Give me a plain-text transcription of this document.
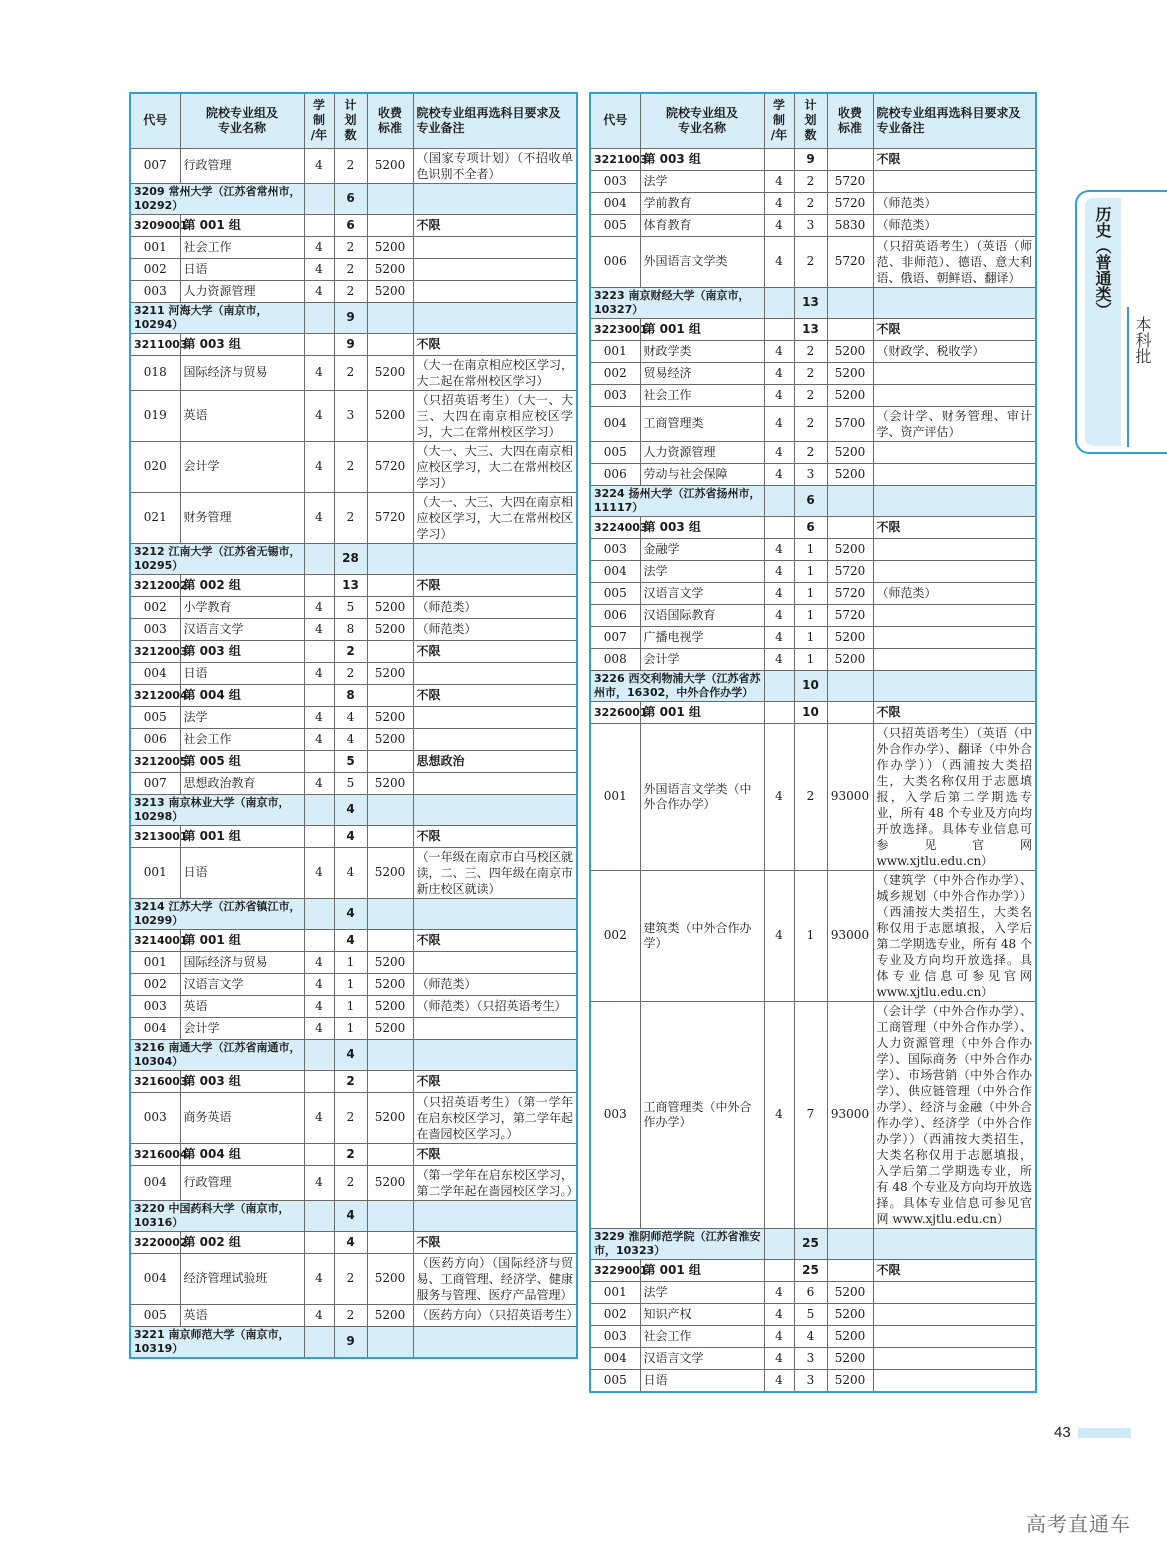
代号	院校专业组及
专业名称	学
制
/年	计
划
数	收费
标准	院校专业组再选科目要求及
专业备注
007	行政管理	4	2	5200	（国家专项计划）（不招收单色识别不全者）
3209 常州大学（江苏省常州市，10292）			6		
3209001	第 001 组		6		不限
001	社会工作	4	2	5200	
002	日语	4	2	5200	
003	人力资源管理	4	2	5200	
3211 河海大学（南京市，10294）			9		
3211003	第 003 组		9		不限
018	国际经济与贸易	4	2	5200	（大一在南京相应校区学习，大二起在常州校区学习）
019	英语	4	3	5200	（只招英语考生）（大一、大三、大四在南京相应校区学习，大二在常州校区学习）
020	会计学	4	2	5720	（大一、大三、大四在南京相应校区学习，大二在常州校区学习）
021	财务管理	4	2	5720	（大一、大三、大四在南京相应校区学习，大二在常州校区学习）
3212 江南大学（江苏省无锡市，10295）			28		
3212002	第 002 组		13		不限
002	小学教育	4	5	5200	（师范类）
003	汉语言文学	4	8	5200	（师范类）
3212003	第 003 组		2		不限
004	日语	4	2	5200	
3212004	第 004 组		8		不限
005	法学	4	4	5200	
006	社会工作	4	4	5200	
3212005	第 005 组		5		思想政治
007	思想政治教育	4	5	5200	
3213 南京林业大学（南京市，10298）			4		
3213001	第 001 组		4		不限
001	日语	4	4	5200	（一年级在南京市白马校区就读，二、三、四年级在南京市新庄校区就读）
3214 江苏大学（江苏省镇江市，10299）			4		
3214001	第 001 组		4		不限
001	国际经济与贸易	4	1	5200	
002	汉语言文学	4	1	5200	（师范类）
003	英语	4	1	5200	（师范类）（只招英语考生）
004	会计学	4	1	5200	
3216 南通大学（江苏省南通市，10304）			4		
3216003	第 003 组		2		不限
003	商务英语	4	2	5200	（只招英语考生）（第一学年在启东校区学习，第二学年起在啬园校区学习。）
3216004	第 004 组		2		不限
004	行政管理	4	2	5200	（第一学年在启东校区学习，第二学年起在啬园校区学习。）
3220 中国药科大学（南京市，10316）			4		
3220002	第 002 组		4		不限
004	经济管理试验班	4	2	5200	（医药方向）（国际经济与贸易、工商管理、经济学、健康服务与管理、医疗产品管理）
005	英语	4	2	5200	（医药方向）（只招英语考生）
3221 南京师范大学（南京市，10319）			9		
代号	院校专业组及
专业名称	学
制
/年	计
划
数	收费
标准	院校专业组再选科目要求及
专业备注
3221003	第 003 组		9		不限
003	法学	4	2	5720	
004	学前教育	4	2	5720	（师范类）
005	体育教育	4	3	5830	（师范类）
006	外国语言文学类	4	2	5720	（只招英语考生）（英语（师范、非师范）、德语、意大利语、俄语、朝鲜语、翻译）
3223 南京财经大学（南京市，10327）			13		
3223001	第 001 组		13		不限
001	财政学类	4	2	5200	（财政学、税收学）
002	贸易经济	4	2	5200	
003	社会工作	4	2	5200	
004	工商管理类	4	2	5700	（会计学、财务管理、审计学、资产评估）
005	人力资源管理	4	2	5200	
006	劳动与社会保障	4	3	5200	
3224 扬州大学（江苏省扬州市，11117）			6		
3224003	第 003 组		6		不限
003	金融学	4	1	5200	
004	法学	4	1	5720	
005	汉语言文学	4	1	5720	（师范类）
006	汉语国际教育	4	1	5720	
007	广播电视学	4	1	5200	
008	会计学	4	1	5200	
3226 西交利物浦大学（江苏省苏州市，16302，中外合作办学）			10		
3226001	第 001 组		10		不限
001	外国语言文学类（中外合作办学）	4	2	93000	（只招英语考生）（英语（中外合作办学）、翻译（中外合作办学））（西浦按大类招生，大类名称仅用于志愿填报，入学后第二学期选专业，所有 48 个专业及方向均开放选择。具体专业信息可参见官网 www.xjtlu.edu.cn）
002	建筑类（中外合作办学）	4	1	93000	（建筑学（中外合作办学）、城乡规划（中外合作办学））（西浦按大类招生，大类名称仅用于志愿填报，入学后第二学期选专业，所有 48 个专业及方向均开放选择。具体专业信息可参见官网 www.xjtlu.edu.cn）
003	工商管理类（中外合作办学）	4	7	93000	（会计学（中外合作办学）、工商管理（中外合作办学）、人力资源管理（中外合作办学）、国际商务（中外合作办学）、市场营销（中外合作办学）、供应链管理（中外合作办学）、经济与金融（中外合作办学）、经济学（中外合作办学））（西浦按大类招生，大类名称仅用于志愿填报，入学后第二学期选专业，所有 48 个专业及方向均开放选择。具体专业信息可参见官网 www.xjtlu.edu.cn）
3229 淮阴师范学院（江苏省淮安市，10323）			25		
3229001	第 001 组		25		不限
001	法学	4	6	5200	
002	知识产权	4	5	5200	
003	社会工作	4	4	5200	
004	汉语言文学	4	3	5200	
005	日语	4	3	5200	
历史（普通类）
本科批
43
高考直通车
